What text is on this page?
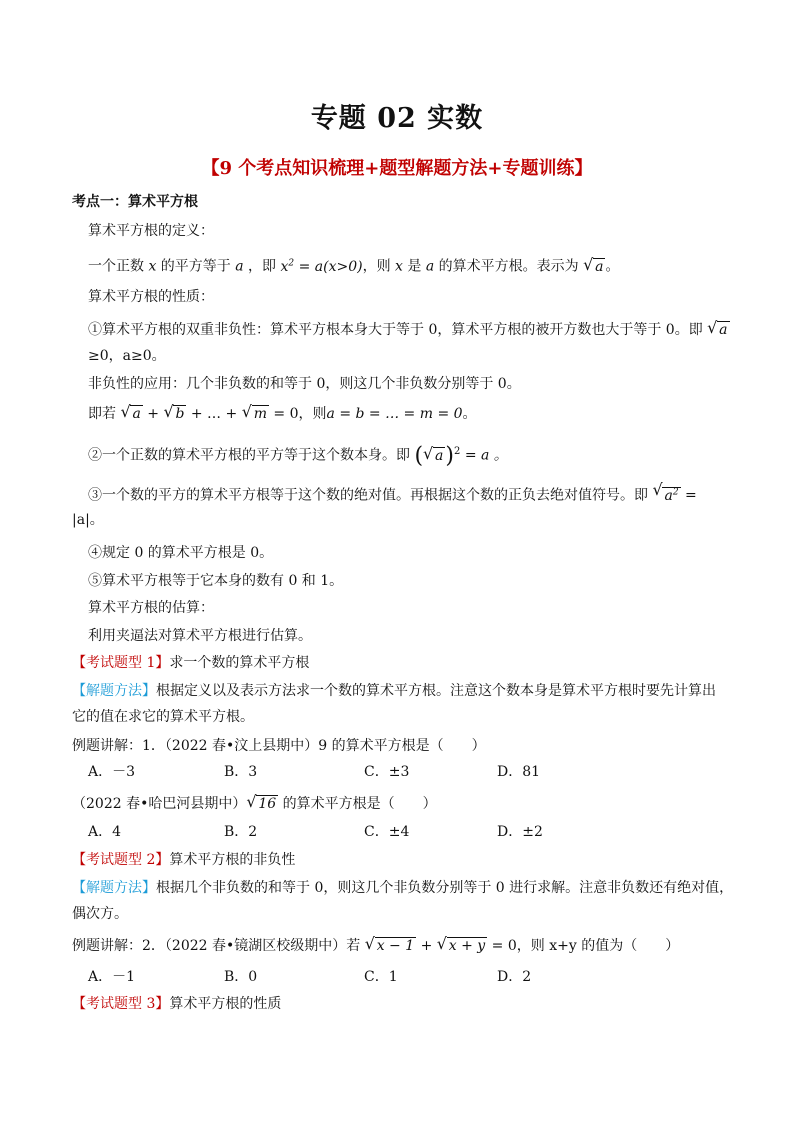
专题 02 实数
【9 个考点知识梳理+题型解题方法+专题训练】
考点一：算术平方根
算术平方根的定义：
一个正数 x 的平方等于 a ，即 $x^2 = a(x>0)$，则 x 是 a 的算术平方根。表示为 √ a 。
算术平方根的性质：
①算术平方根的双重非负性：算术平方根本身大于等于 0，算术平方根的被开方数也大于等于 0。即 √ a
≥0，a≥0。
非负性的应用：几个非负数的和等于 0，则这几个非负数分别等于 0。
即若 √ a + √ b + … + √ m = 0，则a = b = … = m = 0。
②一个正数的算术平方根的平方等于这个数本身。即 ( √ a)$^2$ = a 。
③一个数的平方的算术平方根等于这个数的绝对值。再根据这个数的正负去绝对值符号。即 √ $a^2$ =
|a|。
④规定 0 的算术平方根是 0。
⑤算术平方根等于它本身的数有 0 和 1。
算术平方根的估算：
利用夹逼法对算术平方根进行估算。
【考试题型 1】求一个数的算术平方根
【解题方法】根据定义以及表示方法求一个数的算术平方根。注意这个数本身是算术平方根时要先计算出
它的值在求它的算术平方根。
例题讲解：1．（2022 春•汶上县期中）9 的算术平方根是（　　）
A．－3	B．3	C．±3	D．81
（2022 春•哈巴河县期中） √ 16 的算术平方根是（　　）
A．4	B．2	C．±4	D．±2
【考试题型 2】算术平方根的非负性
【解题方法】根据几个非负数的和等于 0，则这几个非负数分别等于 0 进行求解。注意非负数还有绝对值，
偶次方。
例题讲解：2．（2022 春•镜湖区校级期中）若 √ x − 1 + √ x + y = 0，则 x+y 的值为（　　）
A．－1	B．0	C．1	D．2
【考试题型 3】算术平方根的性质
